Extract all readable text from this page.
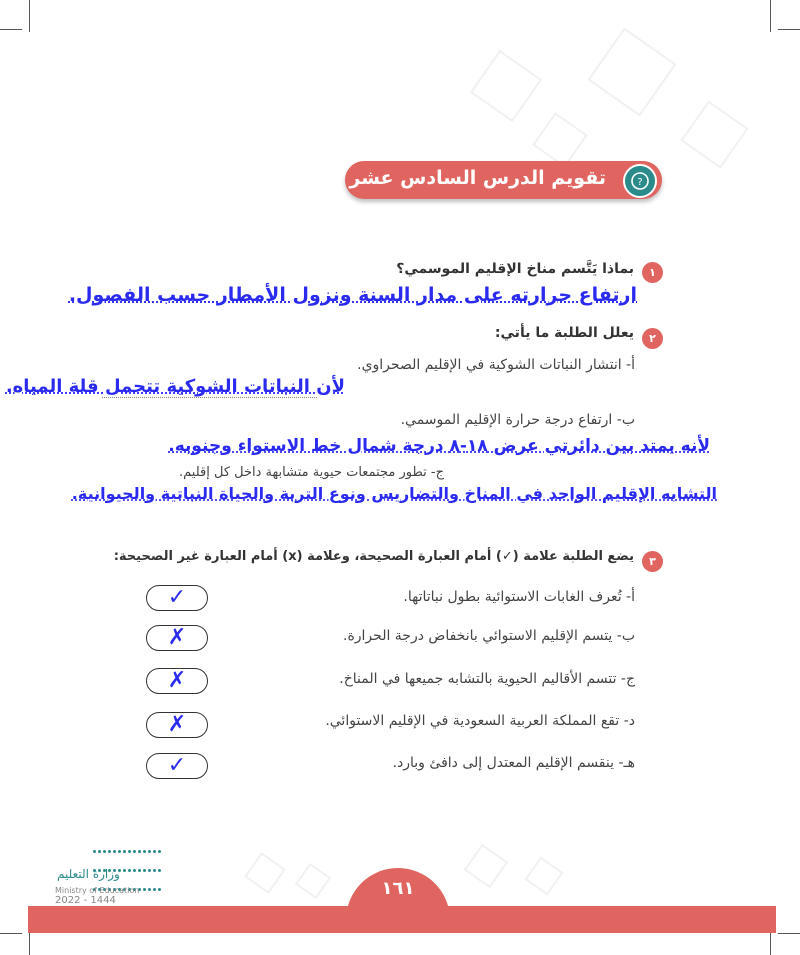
تقويم الدرس السادس عشر	?
١
بماذا يَتَّسم مناخ الإقليم الموسمي؟
ارتفاع حرارته على مدار السنة ونزول الأمطار حسب الفصول.
٢
يعلل الطلبة ما يأتي:
أ- انتشار النباتات الشوكية في الإقليم الصحراوي.
لأن النباتات الشوكية تتحمل قلة المياه.
ب- ارتفاع درجة حرارة الإقليم الموسمي.
لأنه يمتد بين دائرتي عرض ١٨-٨ درجة شمال خط الاستواء وجنوبه.
ج- تطور مجتمعات حيوية متشابهة داخل كل إقليم.
التشابه الإقليم الواحد في المناخ والتضاريس ونوع التربة والحياة النباتية والحيوانية.
٣
يضع الطلبة علامة (✓) أمام العبارة الصحيحة، وعلامة (x) أمام العبارة غير الصحيحة:
أ- تُعرف الغابات الاستوائية بطول نباتاتها.
✓
ب- يتسم الإقليم الاستوائي بانخفاض درجة الحرارة.
✗
ج- تتسم الأقاليم الحيوية بالتشابه جميعها في المناخ.
✗
د- تقع المملكة العربية السعودية في الإقليم الاستوائي.
✗
هـ- ينقسم الإقليم المعتدل إلى دافئ وبارد.
✓
١٦١

وزارة التعليم
Ministry of Education
2022 - 1444
